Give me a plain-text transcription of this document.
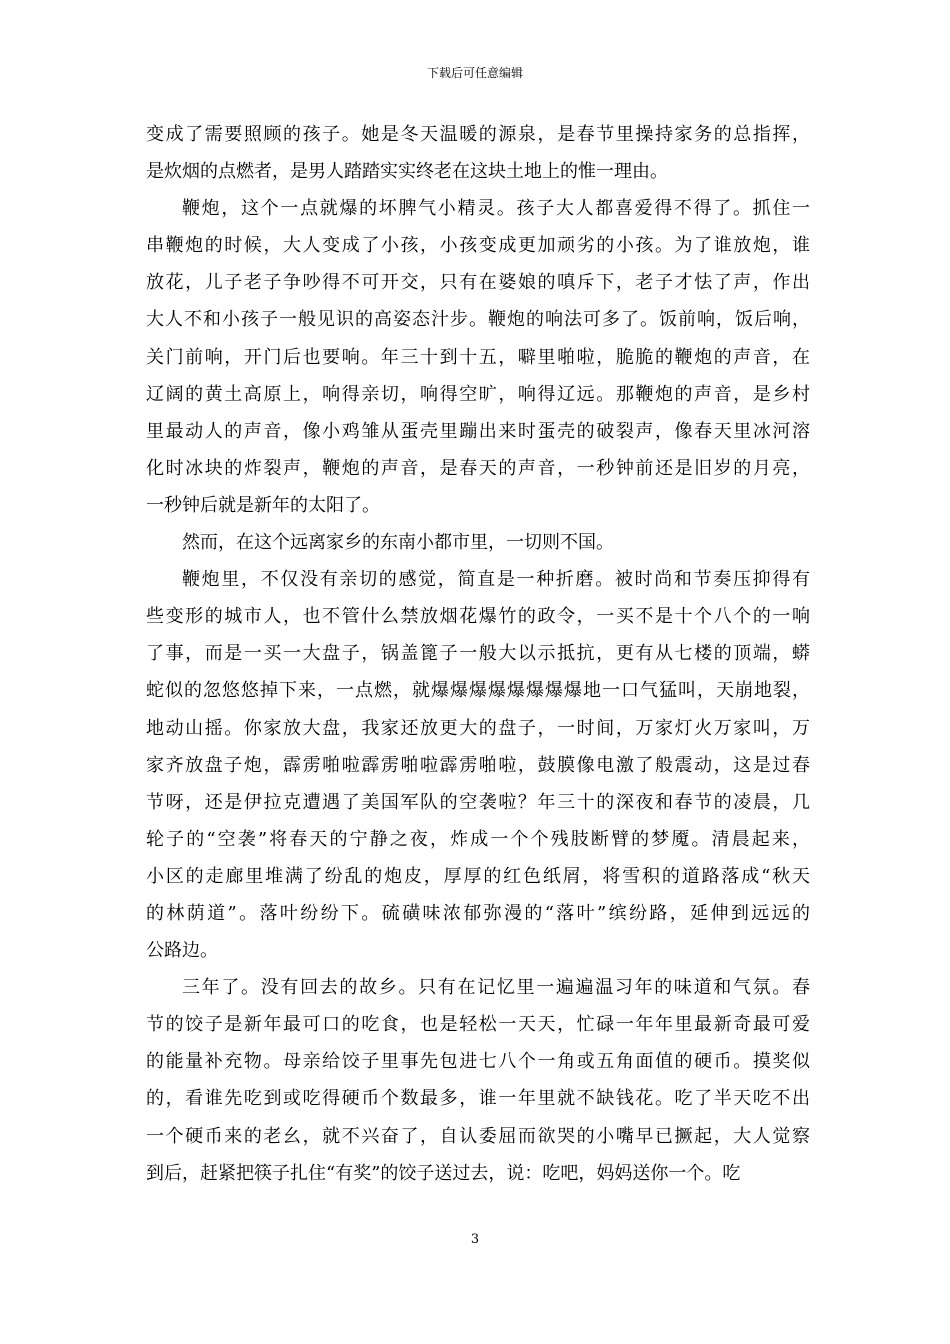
下载后可任意编辑
变成了需要照顾的孩子。她是冬天温暖的源泉，是春节里操持家务的总指挥，
是炊烟的点燃者，是男人踏踏实实终老在这块土地上的惟一理由。
鞭炮，这个一点就爆的坏脾气小精灵。孩子大人都喜爱得不得了。抓住一
串鞭炮的时候，大人变成了小孩，小孩变成更加顽劣的小孩。为了谁放炮，谁
放花，儿子老子争吵得不可开交，只有在婆娘的嗔斥下，老子才怯了声，作出
大人不和小孩子一般见识的高姿态汁步。鞭炮的响法可多了。饭前响，饭后响，
关门前响，开门后也要响。年三十到十五，噼里啪啦，脆脆的鞭炮的声音，在
辽阔的黄土高原上，响得亲切，响得空旷，响得辽远。那鞭炮的声音，是乡村
里最动人的声音，像小鸡雏从蛋壳里蹦出来时蛋壳的破裂声，像春天里冰河溶
化时冰块的炸裂声，鞭炮的声音，是春天的声音，一秒钟前还是旧岁的月亮，
一秒钟后就是新年的太阳了。
然而，在这个远离家乡的东南小都市里，一切则不国。
鞭炮里，不仅没有亲切的感觉，简直是一种折磨。被时尚和节奏压抑得有
些变形的城市人，也不管什么禁放烟花爆竹的政令，一买不是十个八个的一响
了事，而是一买一大盘子，锅盖篦子一般大以示抵抗，更有从七楼的顶端，蟒
蛇似的忽悠悠掉下来，一点燃，就爆爆爆爆爆爆爆爆地一口气猛叫，天崩地裂，
地动山摇。你家放大盘，我家还放更大的盘子，一时间，万家灯火万家叫，万
家齐放盘子炮，霹雳啪啦霹雳啪啦霹雳啪啦，鼓膜像电激了般震动，这是过春
节呀，还是伊拉克遭遇了美国军队的空袭啦？年三十的深夜和春节的凌晨，几
轮子的“空袭”将春天的宁静之夜，炸成一个个残肢断臂的梦魇。清晨起来，
小区的走廊里堆满了纷乱的炮皮，厚厚的红色纸屑，将雪积的道路落成“秋天
的林荫道”。落叶纷纷下。硫磺味浓郁弥漫的“落叶”缤纷路，延伸到远远的
公路边。
三年了。没有回去的故乡。只有在记忆里一遍遍温习年的味道和气氛。春
节的饺子是新年最可口的吃食，也是轻松一天天，忙碌一年年里最新奇最可爱
的能量补充物。母亲给饺子里事先包进七八个一角或五角面值的硬币。摸奖似
的，看谁先吃到或吃得硬币个数最多，谁一年里就不缺钱花。吃了半天吃不出
一个硬币来的老幺，就不兴奋了，自认委屈而欲哭的小嘴早已撅起，大人觉察
到后，赶紧把筷子扎住“有奖”的饺子送过去，说：吃吧，妈妈送你一个。吃
3
